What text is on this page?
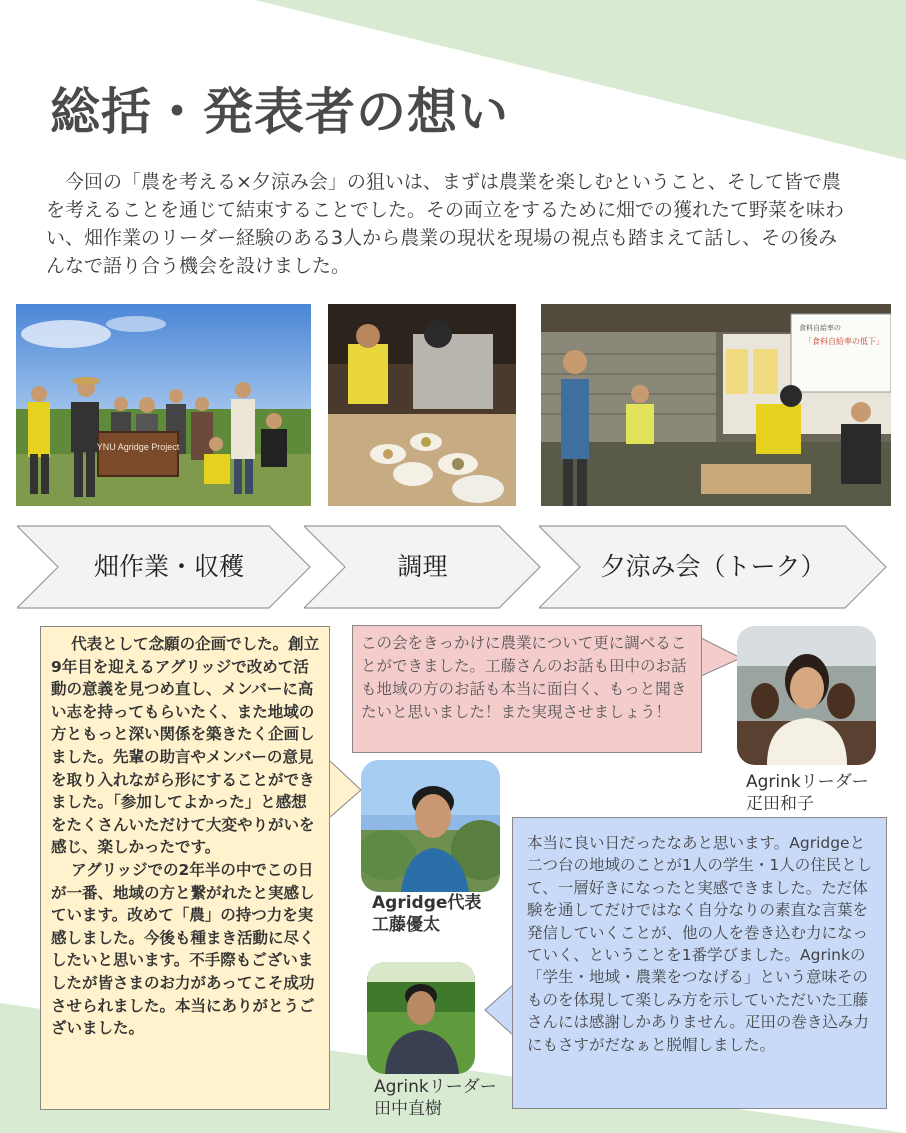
総括・発表者の想い

今回の「農を考える×夕涼み会」の狙いは、まずは農業を楽しむということ、そして皆で農を考えることを通じて結束することでした。その両立をするために畑での獲れたて野菜を味わい、畑作業のリーダー経験のある3人から農業の現状を現場の視点も踏まえて話し、その後みんなで語り合う機会を設けました。

YNU Agridge Project
食料自給率の
「食料自給率の低下」
畑作業・収穫	調理	夕涼み会（トーク）

代表として念願の企画でした。創立9年目を迎えるアグリッジで改めて活動の意義を見つめ直し、メンバーに高い志を持ってもらいたく、また地域の方ともっと深い関係を築きたく企画しました。先輩の助言やメンバーの意見を取り入れながら形にすることができました。「参加してよかった」と感想をたくさんいただけて大変やりがいを感じ、楽しかったです。

アグリッジでの2年半の中でこの日が一番、地域の方と繋がれたと実感しています。改めて「農」の持つ力を実感しました。今後も種まき活動に尽くしたいと思います。不手際もございましたが皆さまのお力があってこそ成功させられました。本当にありがとうございました。

この会をきっかけに農業について更に調べることができました。工藤さんのお話も田中のお話も地域の方のお話も本当に面白く、もっと聞きたいと思いました！また実現させましょう！

本当に良い日だったなあと思います。Agridgeと二つ台の地域のことが1人の学生・1人の住民として、一層好きになったと実感できました。ただ体験を通してだけではなく自分なりの素直な言葉を発信していくことが、他の人を巻き込む力になっていく、ということを1番学びました。Agrinkの「学生・地域・農業をつなげる」という意味そのものを体現して楽しみ方を示していただいた工藤さんには感謝しかありません。疋田の巻き込み力にもさすがだなぁと脱帽しました。

Agrinkリーダー
疋田和子
Agridge代表
工藤優太
Agrinkリーダー
田中直樹
